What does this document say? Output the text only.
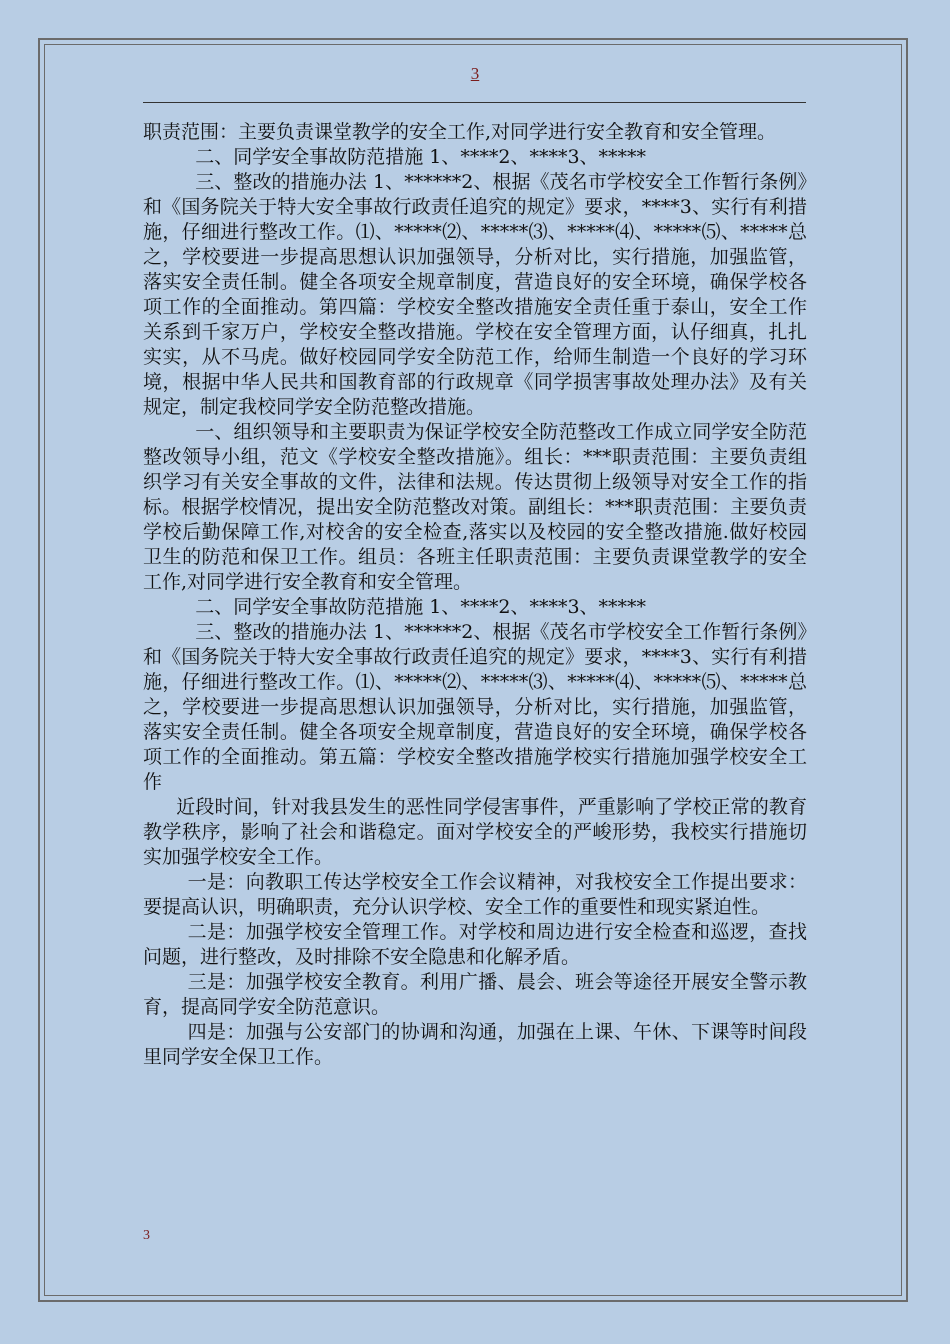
3

职责范围：主要负责课堂教学的安全工作,对同学进行安全教育和安全管理。

二、同学安全事故防范措施 1、****2、****3、*****

三、整改的措施办法 1、******2、根据《茂名市学校安全工作暂行条例》和《国务院关于特大安全事故行政责任追究的规定》要求，****3、实行有利措施，仔细进行整改工作。⑴、*****⑵、*****⑶、*****⑷、*****⑸、*****总之，学校要进一步提高思想认识加强领导，分析对比，实行措施，加强监管，落实安全责任制。健全各项安全规章制度，营造良好的安全环境，确保学校各项工作的全面推动。第四篇：学校安全整改措施安全责任重于泰山，安全工作关系到千家万户，学校安全整改措施。学校在安全管理方面，认仔细真，扎扎实实，从不马虎。做好校园同学安全防范工作，给师生制造一个良好的学习环境，根据中华人民共和国教育部的行政规章《同学损害事故处理办法》及有关规定，制定我校同学安全防范整改措施。

一、组织领导和主要职责为保证学校安全防范整改工作成立同学安全防范整改领导小组，范文《学校安全整改措施》。组长：***职责范围：主要负责组织学习有关安全事故的文件，法律和法规。传达贯彻上级领导对安全工作的指标。根据学校情况，提出安全防范整改对策。副组长：***职责范围：主要负责学校后勤保障工作,对校舍的安全检查,落实以及校园的安全整改措施.做好校园卫生的防范和保卫工作。组员：各班主任职责范围：主要负责课堂教学的安全工作,对同学进行安全教育和安全管理。

二、同学安全事故防范措施 1、****2、****3、*****

三、整改的措施办法 1、******2、根据《茂名市学校安全工作暂行条例》和《国务院关于特大安全事故行政责任追究的规定》要求，****3、实行有利措施，仔细进行整改工作。⑴、*****⑵、*****⑶、*****⑷、*****⑸、*****总之，学校要进一步提高思想认识加强领导，分析对比，实行措施，加强监管，落实安全责任制。健全各项安全规章制度，营造良好的安全环境，确保学校各项工作的全面推动。第五篇：学校安全整改措施学校实行措施加强学校安全工作

近段时间，针对我县发生的恶性同学侵害事件，严重影响了学校正常的教育教学秩序，影响了社会和谐稳定。面对学校安全的严峻形势，我校实行措施切实加强学校安全工作。

一是：向教职工传达学校安全工作会议精神，对我校安全工作提出要求：要提高认识，明确职责，充分认识学校、安全工作的重要性和现实紧迫性。

二是：加强学校安全管理工作。对学校和周边进行安全检查和巡逻，查找问题，进行整改，及时排除不安全隐患和化解矛盾。

三是：加强学校安全教育。利用广播、晨会、班会等途径开展安全警示教育，提高同学安全防范意识。

四是：加强与公安部门的协调和沟通，加强在上课、午休、下课等时间段里同学安全保卫工作。

3
